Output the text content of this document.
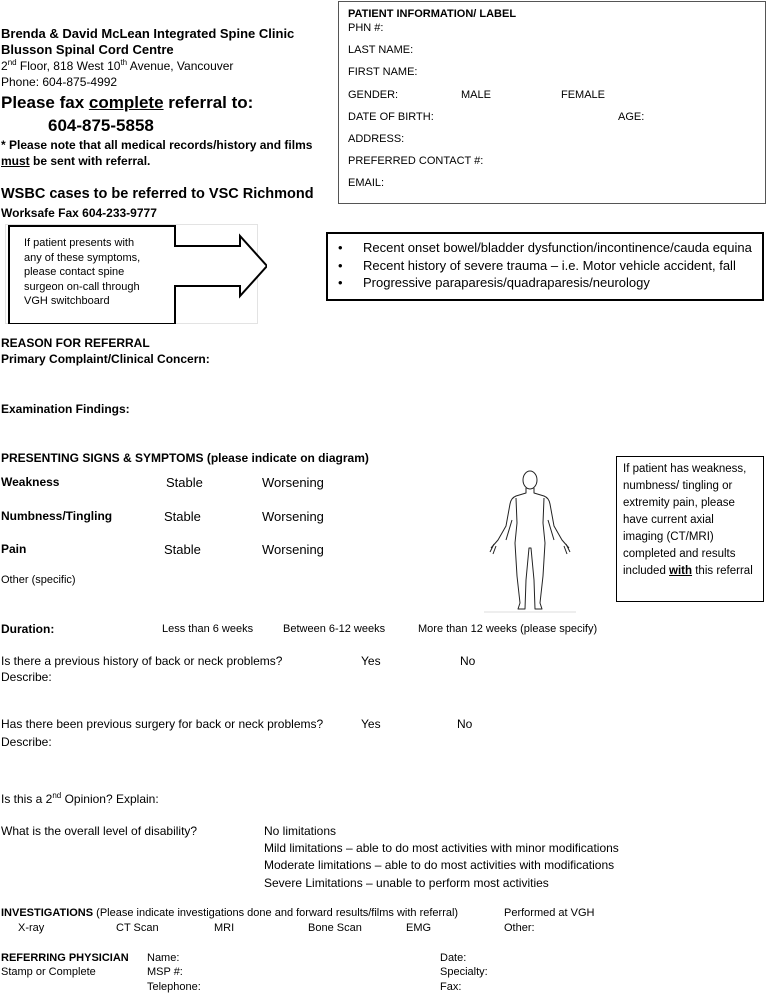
Brenda & David McLean Integrated Spine Clinic
Blusson Spinal Cord Centre
2nd Floor, 818 West 10th Avenue, Vancouver
Phone: 604-875-4992
Please fax complete referral to:
604-875-5858
* Please note that all medical records/history and films
must be sent with referral.
WSBC cases to be referred to VSC Richmond
Worksafe Fax 604-233-9777
PATIENT INFORMATION/ LABEL
PHN #:
LAST NAME:
FIRST NAME:
GENDER:	MALE	FEMALE
DATE OF BIRTH:	AGE:
ADDRESS:
PREFERRED CONTACT #:
EMAIL:
If patient presents with any of these symptoms, please contact spine surgeon on-call through VGH switchboard
• Recent onset bowel/bladder dysfunction/incontinence/cauda equina
• Recent history of severe trauma – i.e. Motor vehicle accident, fall
• Progressive paraparesis/quadraparesis/neurology
REASON FOR REFERRAL
Primary Complaint/Clinical Concern:
Examination Findings:
PRESENTING SIGNS & SYMPTOMS (please indicate on diagram)
Weakness	Stable	Worsening
Numbness/Tingling	Stable	Worsening
Pain	Stable	Worsening
Other (specific)
If patient has weakness, numbness/ tingling or extremity pain, please have current axial imaging (CT/MRI) completed and results included with this referral
Duration:	Less than 6 weeks	Between 6-12 weeks	More than 12 weeks (please specify)
Is there a previous history of back or neck problems?	Yes	No
Describe:
Has there been previous surgery for back or neck problems?	Yes	No
Describe:
Is this a 2nd Opinion? Explain:
What is the overall level of disability?	No limitations
Mild limitations – able to do most activities with minor modifications
Moderate limitations – able to do most activities with modifications
Severe Limitations – unable to perform most activities
INVESTIGATIONS (Please indicate investigations done and forward results/films with referral)
X-ray	CT Scan	MRI	Bone Scan	EMG
Performed at VGH
Other:
REFERRING PHYSICIAN
Stamp or Complete
Name:
MSP #:
Telephone:
Date:
Specialty:
Fax:
